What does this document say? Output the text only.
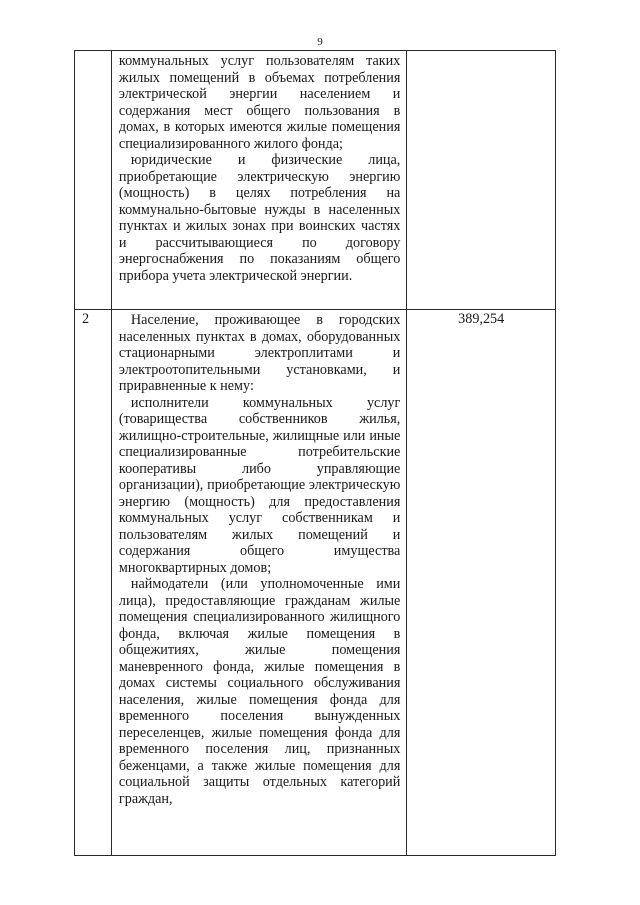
9

	коммунальных услуг пользователям таких жилых помещений в объемах потребления электрической энергии населением и содержания мест общего пользования в домах, в которых имеются жилые помещения специализированного жилого фонда;

юридические и физические лица, приобретающие электрическую энергию (мощность) в целях потребления на коммунально-бытовые нужды в населенных пунктах и жилых зонах при воинских частях и рассчитывающиеся по договору энергоснабжения по показаниям общего прибора учета электрической энергии.	

2	Население, проживающее в городских населенных пунктах в домах, оборудованных стационарными электроплитами и электроотопительными установками, и приравненные к нему:

исполнители коммунальных услуг (товарищества собственников жилья, жилищно-строительные, жилищные или иные специализированные потребительские кооперативы либо управляющие организации), приобретающие электрическую энергию (мощность) для предоставления коммунальных услуг собственникам и пользователям жилых помещений и содержания общего имущества многоквартирных домов;

наймодатели (или уполномоченные ими лица), предоставляющие гражданам жилые помещения специализированного жилищного фонда, включая жилые помещения в общежитиях, жилые помещения маневренного фонда, жилые помещения в домах системы социального обслуживания населения, жилые помещения фонда для временного поселения вынужденных переселенцев, жилые помещения фонда для временного поселения лиц, признанных беженцами, а также жилые помещения для социальной защиты отдельных категорий граждан,	389,254
